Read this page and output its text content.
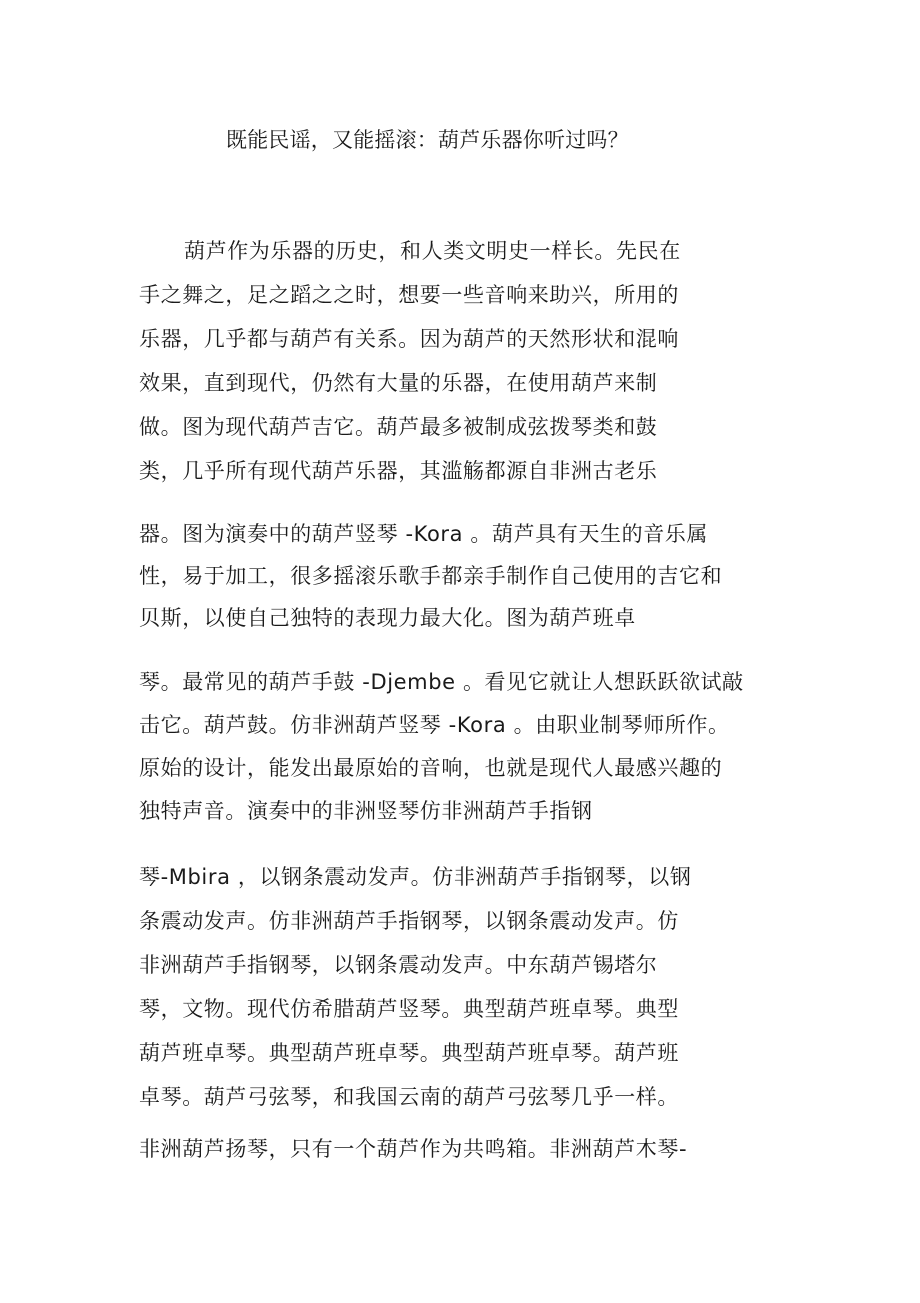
既能民谣，又能摇滚：葫芦乐器你听过吗？
葫芦作为乐器的历史，和人类文明史一样长。先民在
手之舞之，足之蹈之之时，想要一些音响来助兴，所用的
乐器，几乎都与葫芦有关系。因为葫芦的天然形状和混响
效果，直到现代，仍然有大量的乐器，在使用葫芦来制
做。图为现代葫芦吉它。葫芦最多被制成弦拨琴类和鼓
类，几乎所有现代葫芦乐器，其滥觞都源自非洲古老乐
器。图为演奏中的葫芦竖琴 -Kora 。葫芦具有天生的音乐属
性，易于加工，很多摇滚乐歌手都亲手制作自己使用的吉它和
贝斯，以使自己独特的表现力最大化。图为葫芦班卓
琴。最常见的葫芦手鼓 -Djembe 。看见它就让人想跃跃欲试敲
击它。葫芦鼓。仿非洲葫芦竖琴 -Kora 。由职业制琴师所作。
原始的设计，能发出最原始的音响，也就是现代人最感兴趣的
独特声音。演奏中的非洲竖琴仿非洲葫芦手指钢
琴-Mbira ，以钢条震动发声。仿非洲葫芦手指钢琴，以钢
条震动发声。仿非洲葫芦手指钢琴，以钢条震动发声。仿
非洲葫芦手指钢琴，以钢条震动发声。中东葫芦锡塔尔
琴，文物。现代仿希腊葫芦竖琴。典型葫芦班卓琴。典型
葫芦班卓琴。典型葫芦班卓琴。典型葫芦班卓琴。葫芦班
卓琴。葫芦弓弦琴，和我国云南的葫芦弓弦琴几乎一样。
非洲葫芦扬琴，只有一个葫芦作为共鸣箱。非洲葫芦木琴-
